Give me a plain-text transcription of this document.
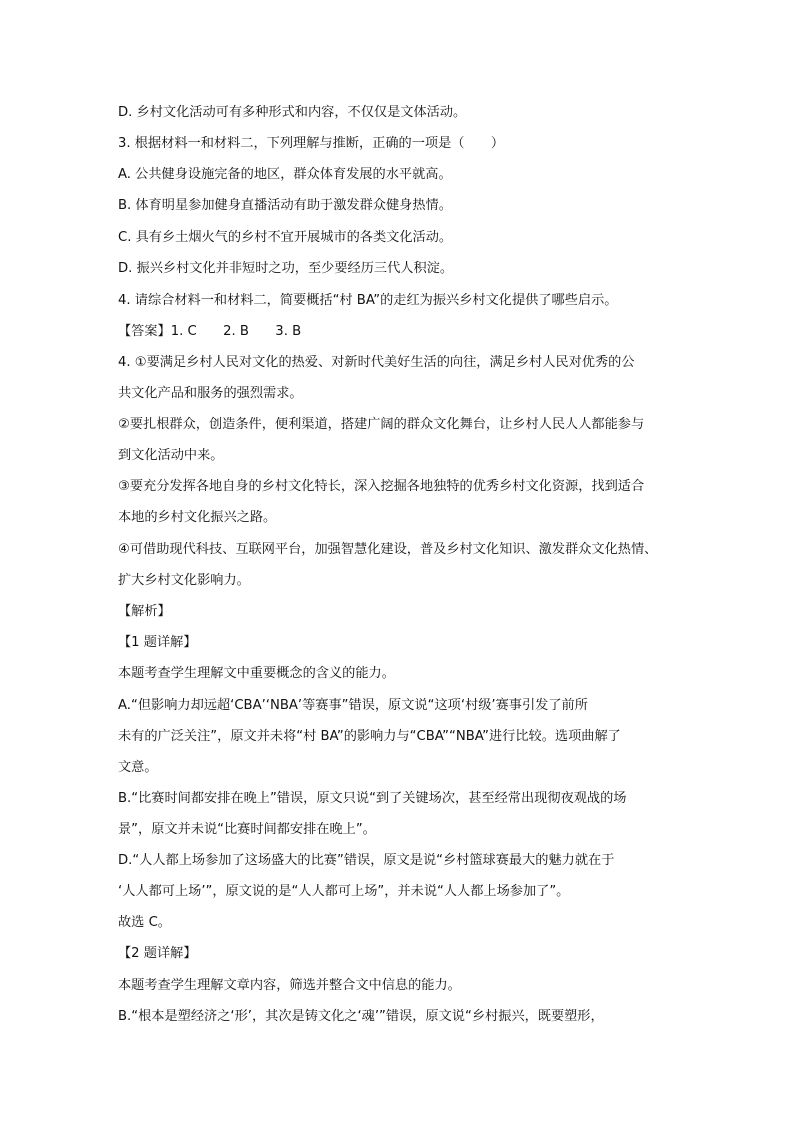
D. 乡村文化活动可有多种形式和内容，不仅仅是文体活动。
3. 根据材料一和材料二，下列理解与推断，正确的一项是（　　）
A. 公共健身设施完备的地区，群众体育发展的水平就高。
B. 体育明星参加健身直播活动有助于激发群众健身热情。
C. 具有乡土烟火气的乡村不宜开展城市的各类文化活动。
D. 振兴乡村文化并非短时之功，至少要经历三代人积淀。
4. 请综合材料一和材料二，简要概括“村 BA”的走红为振兴乡村文化提供了哪些启示。
【答案】1. C　　2. B　　3. B
4. ①要满足乡村人民对文化的热爱、对新时代美好生活的向往，满足乡村人民对优秀的公
共文化产品和服务的强烈需求。
②要扎根群众，创造条件，便利渠道，搭建广阔的群众文化舞台，让乡村人民人人都能参与
到文化活动中来。
③要充分发挥各地自身的乡村文化特长，深入挖掘各地独特的优秀乡村文化资源，找到适合
本地的乡村文化振兴之路。
④可借助现代科技、互联网平台，加强智慧化建设，普及乡村文化知识、激发群众文化热情、
扩大乡村文化影响力。
【解析】
【1 题详解】
本题考查学生理解文中重要概念的含义的能力。
A.“但影响力却远超‘CBA’‘NBA’等赛事”错误，原文说“这项‘村级’赛事引发了前所
未有的广泛关注”，原文并未将“村 BA”的影响力与“CBA”“NBA”进行比较。选项曲解了
文意。
B.“比赛时间都安排在晚上”错误，原文只说“到了关键场次，甚至经常出现彻夜观战的场
景”，原文并未说“比赛时间都安排在晚上”。
D.“人人都上场参加了这场盛大的比赛”错误，原文是说“乡村篮球赛最大的魅力就在于
‘人人都可上场’”，原文说的是“人人都可上场”，并未说“人人都上场参加了”。
故选 C。
【2 题详解】
本题考查学生理解文章内容，筛选并整合文中信息的能力。
B.“根本是塑经济之‘形’，其次是铸文化之‘魂’”错误，原文说“乡村振兴，既要塑形，
